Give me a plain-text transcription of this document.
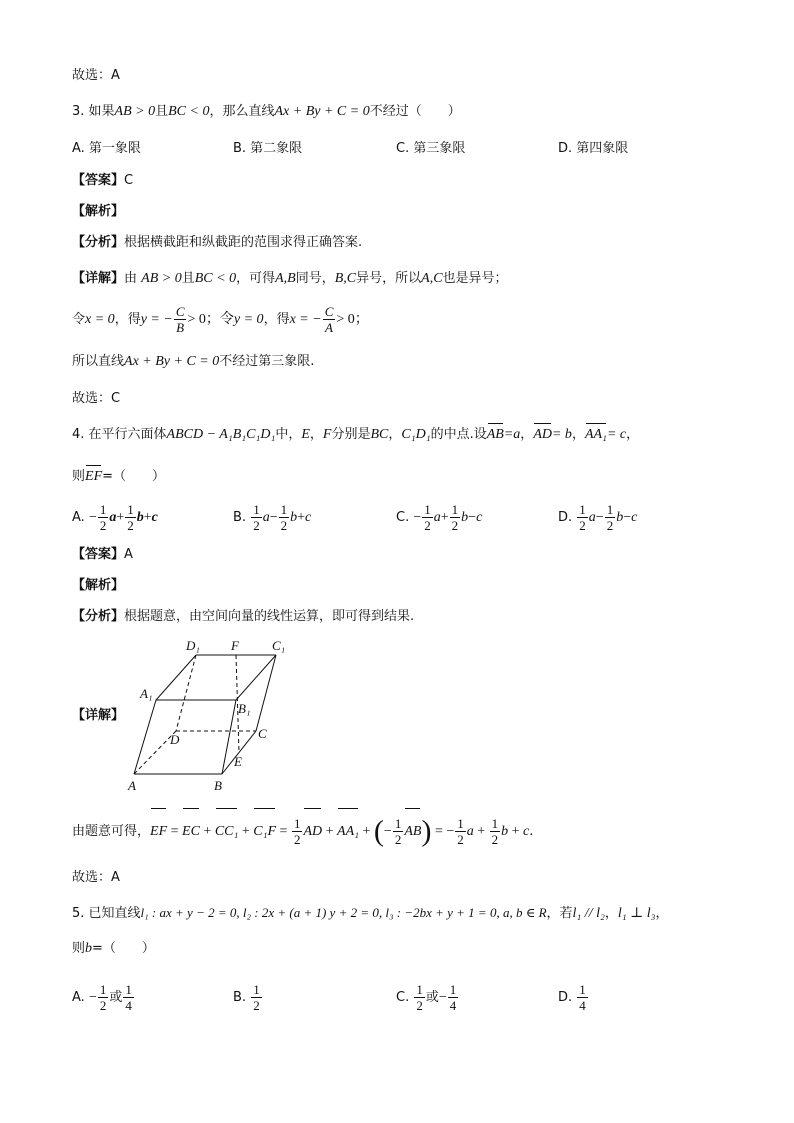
故选：A
3. 如果AB > 0且BC < 0，那么直线Ax + By + C = 0不经过（　　）
A. 第一象限	B. 第二象限	C. 第三象限	D. 第四象限
【答案】C
【解析】
【分析】根据横截距和纵截距的范围求得正确答案.
【详解】由 AB > 0且BC < 0，可得A,B同号，B,C异号，所以A,C也是异号；
令x = 0，得y = − $\frac{C}{B} > 0$；令y = 0，得x = − $\frac{C}{A} > 0$；
所以直线Ax + By + C = 0不经过第三象限.
故选：C
4. 在平行六面体ABCD − A₁B₁C₁D₁中，E，F分别是BC，C₁D₁的中点.设AB=a，AD= b，AA₁= c，
则EF=（　　）
A. − $\frac{1}{2} a+ \frac{1}{2} b+c$	B. $\frac{1}{2} a- \frac{1}{2} b+c$	C. − $\frac{1}{2} a+ \frac{1}{2} b-c$	D. $\frac{1}{2} a- \frac{1}{2} b-c$
【答案】A
【解析】
【分析】根据题意，由空间向量的线性运算，即可得到结果.
【详解】
D₁ F	C₁
A₁
B₁
D	C
E
A	B
由题意可得，EF = EC + $CC_1 + C_1F = \frac{1}{2}$ AD + AA₁ + (− $\frac{1}{2} AB$) = − $\frac{1}{2}$ $a + \frac{1}{2}$ b + c.
故选：A
5. 已知直线l₁ : ax + y − 2 = 0, l₂ : 2x + (a + 1) y + 2 = 0, l₃ : −2bx + y + 1 = 0, a, b ∈ R，若l₁ // l₂，l₁ ⊥ l₃，
则b=（　　）
A. − $\frac{1}{2}$ 或 $\frac{1}{4}$	B. $\frac{1}{2}$	C. $\frac{1}{2}$ 或− $\frac{1}{4}$	D. $\frac{1}{4}$
